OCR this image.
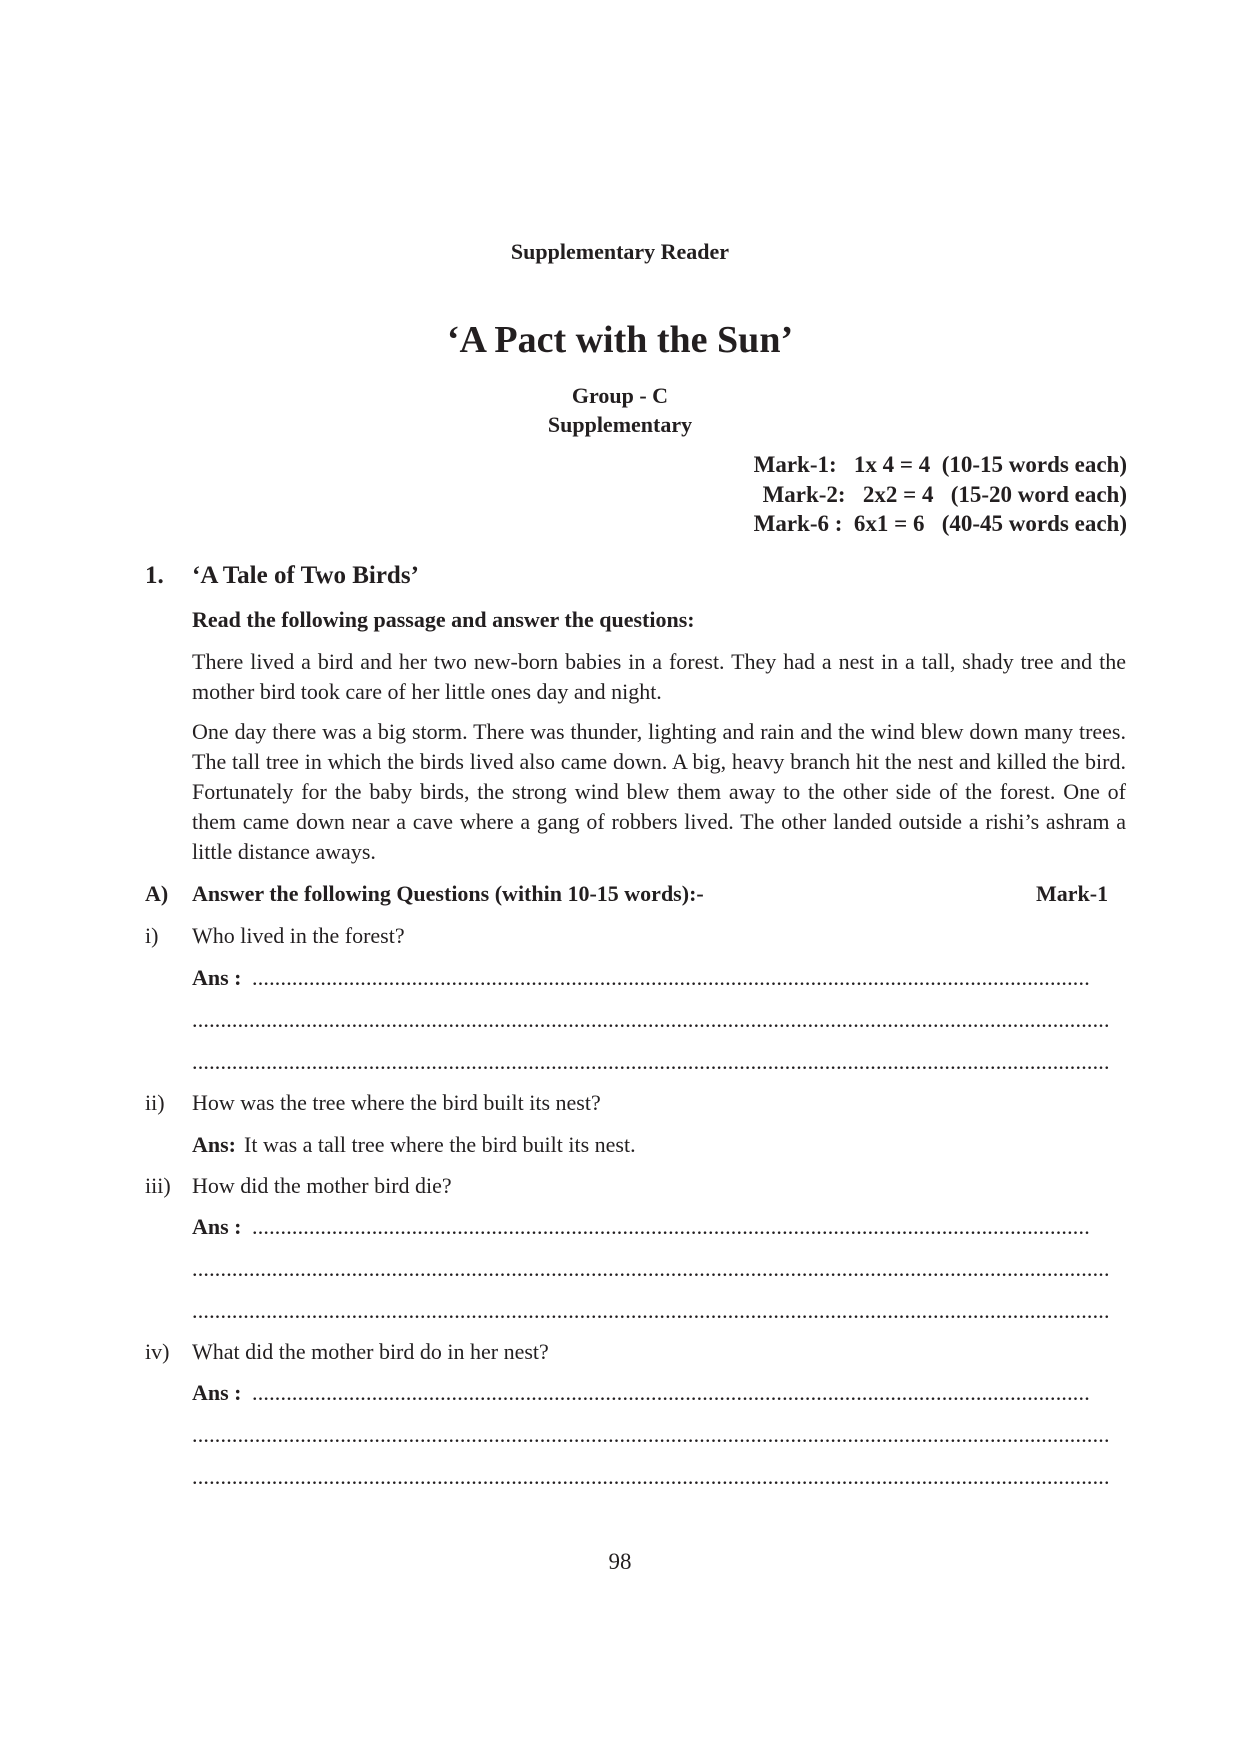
Supplementary Reader
‘A Pact with the Sun’
Group - C
Supplementary
Mark-1:   1x 4 = 4  (10-15 words each)
Mark-2:   2x2 = 4   (15-20 word each)
Mark-6 :  6x1 = 6   (40-45 words each)
1. ‘A Tale of Two Birds’
Read the following passage and answer the questions:
There lived a bird and her two new-born babies in a forest. They had a nest in a tall, shady tree and the mother bird took care of her little ones day and night.
One day there was a big storm. There was thunder, lighting and rain and the wind blew down many trees. The tall tree in which the birds lived also came down. A big, heavy branch hit the nest and killed the bird. Fortunately for the baby birds, the strong wind blew them away to the other side of the forest. One of them came down near a cave where a gang of robbers lived. The other landed outside a rishi’s ashram a little distance aways.
A) Answer the following Questions (within 10-15 words):-	Mark-1
i) Who lived in the forest?
Ans : ...................................................................................................................................................
.................................................................................................................................................................
.................................................................................................................................................................
ii) How was the tree where the bird built its nest?
Ans: It was a tall tree where the bird built its nest.
iii) How did the mother bird die?
Ans : ...................................................................................................................................................
.................................................................................................................................................................
.................................................................................................................................................................
iv) What did the mother bird do in her nest?
Ans : ...................................................................................................................................................
.................................................................................................................................................................
.................................................................................................................................................................
98
